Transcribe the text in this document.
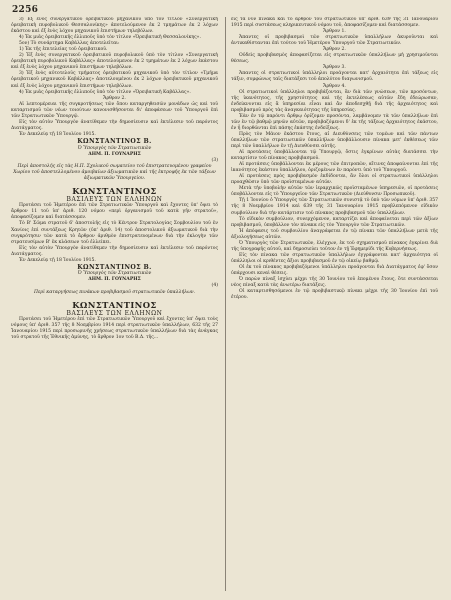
2256

3) Ἐξ ἑνὸς συνεργατικοῦ ὀρειβατικοῦ μηχανικοῦ ὑπὸ τὸν τίτλον «Συνεργατικὴ ὀρειβατικὴ πυροβολικοῦ Θεσσαλονίκης» ἀποτελούμενον ἐκ 2 τμημάτων ἐκ 2 λόχων ἑκάστου καὶ ἐξ ἑνὸς λόχου μηχανικοῦ ἐπιστήμων τηλεβόλων.

4) Ἐκ μιᾶς ὀρειβατικῆς ἐλλιποῦς ὑπὸ τὸν τίτλον «Ὀρειβατικὴ Θεσσαλονίκης».

5ον) Τὸ συνάρτημα Καβάλλας ἀποτελεῖται:

1) Ἐκ τῆς ἐπιτελείας τοῦ ὀρειβατικοῦ.

2) Ἐξ ἑνὸς συνεργατικοῦ ὀρειβατικοῦ πυροβολικοῦ ὑπὸ τὸν τίτλον «Συνεργατικὴ ὀρειβατικὴ πυροβολικοῦ Καβάλλας» ἀποτελούμενον ἐκ 2 τμημάτων ἐκ 2 λόχων ἑκάστου καὶ ἐξ ἑνὸς λόχου μηχανικοῦ ἐπιστήμων τηλεβόλων.

3) Ἐξ ἑνὸς αὐτοτελοῦς τμήματος ὀρειβατικοῦ μηχανικοῦ ὑπὸ τὸν τίτλον «Τμῆμα ὀρειβατικοῦ μηχανικοῦ Καβάλλας» ἀποτελουμένου ἐκ 2 λόχων ὀρειβατικοῦ μηχανικοῦ καὶ ἐξ ἑνὸς λόχου μηχανικοῦ ἐπιστήμων τηλεβόλων.

4) Ἐκ μιᾶς ὀρειβατικῆς ἐλλιποῦς ὑπὸ τὸν τίτλον «Ὀρειβατικὴ Καβάλλας».

Ἄρθρον 2.

Αἱ λεπτομέρειαι τῆς συγκροτήσεως τῶν ὅπου καταργηθεισῶν μονάδων ὡς καὶ τοῦ καταρτισμοῦ τῶν νέων τοιούτων κανονισθήσονται δι' ἀποφάσεων τοῦ Ὑπουργοῦ ἐπὶ τῶν Στρατιωτικῶν Ὑπουργῷ.

Εἰς τὸν αὐτὸν Ὑπουργὸν ἀνατίθεμεν τὴν δημοσίευσιν καὶ ἐκτέλεσιν τοῦ παρόντος Διατάγματος.

Ἐν Δεκελείᾳ τῇ 18 Ἰουλίου 1915.

ΚΩΝΣΤΑΝΤΙΝΟΣ Β.

Ὁ Ὑπουργὸς τῶν Στρατιωτικῶν

ΔΗΜ. Π. ΓΟΥΝΑΡΗΣ

(3)

Περὶ ἀποστολῆς εἰς τὰς Η.Π. Σχολικοῦ σωματείου τοῦ ἐπιστρατευομένου γραφείου Χωρίου τοῦ ἀποστελλομένου ἀμοιβαίων ἀξιωματικῶν καὶ τῆς ἐκτροφῆς ἐκ τῶν τάξεων ἀξιωματικῶν Ὑπουργείου.

ΚΩΝΣΤΑΝΤΙΝΟΣ

ΒΑΣΙΛΕΥΣ ΤΩΝ ΕΛΛΗΝΩΝ

Προτάσει τοῦ Ἡμετέρου ἐπὶ τῶν Στρατιωτικῶν Ὑπουργοῦ καὶ ἔχοντες ὑπ' ὄψει τὸ ἄρθρον 11 τοῦ ὑπ' ἀριθ. 120 νόμου «περὶ ὀργανισμοῦ τοῦ κατὰ γῆν στρατοῦ», ἀποφασίζομεν καὶ διατάσσομεν.

Τὸ Β' Σῶμα στρατοῦ 6' ἀποστολῆς εἰς τὸ Κέντρον Στρατολογίας Σομβουλίου τοῦ ἐν Χανίοις ἐπὶ συντάξεως Κρητῶν (ὑπ' ἀριθ. 14) τοῦ ἀποστολικοῦ ἀξιωματικοῦ διὰ τὴν συγκρότησιν τῶν κατὰ τὸ ἄρθρον ἀριθμὸν ἐπιστρατευομένων διὰ τὴν ἐκλογὴν τῶν στρατευσίμων Β' ἐκ κλάσεων τοῦ ἐλλείπει.

Εἰς τὸν αὐτὸν Ὑπουργὸν ἀνατίθεμεν τὴν δημοσίευσιν καὶ ἐκτέλεσιν τοῦ παρόντος Διατάγματος.

Ἐν Δεκελείᾳ τῇ 18 Ἰουλίου 1915.

ΚΩΝΣΤΑΝΤΙΝΟΣ Β.

Ὁ Ὑπουργὸς τῶν Στρατιωτικῶν

ΔΗΜ. Π. ΓΟΥΝΑΡΗΣ

(4)

Περὶ καταργήσεως πινάκων προβιβασμοῦ στρατιωτικῶν ὑπαλλήλων.

ΚΩΝΣΤΑΝΤΙΝΟΣ

ΒΑΣΙΛΕΥΣ ΤΩΝ ΕΛΛΗΝΩΝ

Προτάσει τοῦ Ἡμετέρου ἐπὶ τῶν Στρατιωτικῶν Ὑπουργοῦ καὶ ἔχοντες ὑπ' ὄψει τοὺς νόμους ὑπ' ἀριθ. 357 τῆς 8 Νοεμβρίου 1914 περὶ στρατιωτικῶν ὑπαλλήλων, 632 τῆς 27 Ἰανουαρίου 1915 περὶ προσωρινῆς χρήσεως στρατιωτικῶν ὑπαλλήλων διὰ τὰς ἀνάγκας τοῦ στρατοῦ τῆς Ἐθνικῆς ἀμύνης, τὸ ἄρθρον 1ον τοῦ Β.Δ. τῆς...

εἰς τὰ νῦν πίνακα καὶ τὸ ἄρθρον τοῦ στρατιωτικοῦ ὑπ' ἀριθ. 639 τῆς 31 Ἰανουαρίου 1915 περὶ συστάσεως κληρικευτικοῦ νόμου τοῦ, ἀποφασίζομεν καὶ διατάσσομεν.

Ἄρθρον 1.

Ἀπαντες οἱ προβιβασμοὶ τῶν στρατιωτικῶν ὑπαλλήλων ἀκυροῦνται καὶ ἀντικαθίστανται ἐπὶ τούτου τοῦ Ἡμετέρου Ὑπουργοῦ τῶν Στρατιωτικῶν.

Ἄρθρον 2.

Οὐδεὶς προβιβασμὸς ἀποφασίζεται εἰς στρατιωτικῶν ὑπαλλήλων μὴ χρησιμοῦνται θέσεως.

Ἄρθρον 3.

Ἀπαντες οἱ στρατιωτικοὶ ὑπάλληλοι προάγονται κατ' ἀρχαιότητα ἐπὶ τάξεως εἰς τάξιν, συμφώνως ταῖς διατάξεσι τοῦ ἀπολύτου διαγωνισμοῦ.

Ἄρθρον 4.

Οἱ στρατιωτικοὶ ὑπάλληλοι προβιβάζονται, ἂν διὰ τῶν γνώσεων, τῶν προσόντων, τῆς ἱκανότητος, τῆς χρηστότητος καὶ τῆς ἐκτελέσεως αὐτῶν ἔδη ἐδεώρωσαν, ἐνδείκνυνται εἰς ἃ ὑπηρεσίαι εἶναι καὶ ἄν ἀποδεσχθῇ διὰ τῆς ἀρχαιότητος καὶ προβιβασμοῦ πρὸς τὰς ἀναγκαιότητας τῆς ὑπηρεσίας.

Ἐὰν ἐν τῷ παρόντι ἄρθρῳ ὁρίζομεν προσόντα, λαμβάνομεν τὰ τῶν ὑπαλλήλων ἐπὶ τῶν ἐν τῷ βαθμῷ μηνῶν αὐτῶν, προβιβαζόμενοι δ' ἐκ τῆς τάξεως ἀρχαιότητος ἑκάστου, ἐν ἦ διορθῶνται ἐπὶ πάσης ἑκάστης ἐνδείξεως.

Πρὸς τὸν Μάιον ἑκάστου ἔτους, αἱ Διευθύνσεις τῶν τομέων καὶ τῶν πάντων ὑπαλλήλων τῶν στρατιωτικῶν ὑπαλλήλων ὑποβάλλουσιν πίνακα μετ' ἐκθέσεως τῶν περὶ τῶν ὑπαλλήλων ἐν τῇ Διευθύνσει αὐτῆς.

Αἱ προτάσεις ὑποβάλλονται τῷ Ὑπουργῷ, ὅστις ἐγκρίνων αὐτὰς διατάσσει τὴν καταρτίσιν τοῦ πίνακος προβιβασμοῦ.

Αἱ προτάσεις ὑποβάλλονται ἐκ μέρους τῶν ἐπιτροπῶν, αἵτινες ἀποφαίνονται ἐπὶ τῆς ἱκανότητος ἑκάστου ὑπαλλήλου, ὁριζομένων ἐν παρόντι ὑπὸ τοῦ Ὑπουργοῦ.

Αἱ προτάσεις πρὸς προβιβασμὸν ἐκδίδονται, ἂν ὅλοι οἱ στρατιωτικοὶ ὑπάλληλοι προαχθῶσιν ὑπὸ τῶν προϊσταμένων αὐτῶν.

Μετὰ τὴν ὑποβολὴν αὐτῶν τῶν ἱεραρχικῶς προϊσταμένων ὑπηρεσιῶν, οἱ προτάσεις ὑποβάλλονται εἰς τὸ Ὑπουργεῖον τῶν Στρατιωτικῶν (Διεύθυνσιν Προσωπικοῦ).

Τῇ 1 Ἰουνίου ὁ Ὑπουργὸς τῶν Στρατιωτικῶν συνιστᾷ τὸ ὑπὸ τῶν νόμων ὑπ' ἀριθ. 357 τῆς 8 Νοεμβρίου 1914 καὶ 639 τῆς 31 Ἰανουαρίου 1915 προβλεπόμενον εἰδικὸν συμβούλιον διὰ τὴν κατάρτισιν τοῦ πίνακος προβιβασμοῦ τῶν ὑπαλλήλων.

Τὸ εἰδικὸν συμβούλιον, συνερχόμενον, καταρτίζει καὶ ἀποφαίνεται περὶ τῶν ἀξίων προβιβασμοῦ, ὑποβάλλον τὸν πίνακα εἰς τὸν Ὑπουργὸν τῶν Στρατιωτικῶν.

Ἡ ἀπόφασις τοῦ συμβουλίου ἀναγράφεται ἐν τῷ πίνακι τῶν ὑπαλλήλων μετὰ τῆς ἀξιολογήσεως αὐτῶν.

Ὁ Ὑπουργὸς τῶν Στρατιωτικῶν, ἐλέγχων, ἐκ τοῦ σχηματισμοῦ πίνακος ἐγκρίνει διὰ τῆς ὑπογραφῆς αὐτοῦ, καὶ δημοσιεύει τοῦτον ἐν τῇ Ἐφημερίδι τῆς Κυβερνήσεως.

Εἰς τὸν πίνακα τῶν στρατιωτικῶν ὑπαλλήλων ἐγγράφονται κατ' ἀρχαιότητα οἱ ὑπάλληλοι οἱ κριθέντες ἄξιοι προβιβασμοῦ ἐν τῷ οἰκείῳ βαθμῷ.

Οἱ ἐκ τοῦ πίνακος προβιβαζόμενοι ὑπάλληλοι προάγονται διὰ Διατάγματος ἐφ' ὅσον ὑπάρχουσι κεναὶ θέσεις.

Ὁ παρὼν πίναξ ἰσχύει μέχρι τῆς 30 Ἰουνίου τοῦ ἐπομένου ἔτους, ὅτε συντάσσεται νέος πίναξ κατὰ τὰς ἀνωτέρω διατάξεις.

Οἱ καταρτισθησόμενοι ἐν τῷ προβιβαστικῷ πίνακι μέχρι τῆς 30 Ἰουνίου ἐπὶ τοῦ ἐτέρου.
